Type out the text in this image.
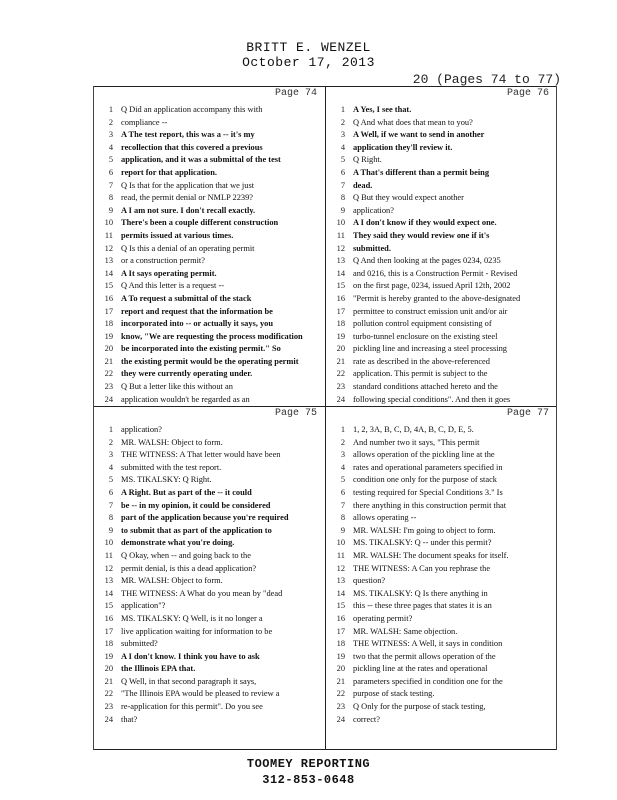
BRITT E. WENZEL
October 17, 2013
20 (Pages 74 to 77)
Page 74
1 Q Did an application accompany this with
2 compliance --
3 A The test report, this was a -- it's my
4 recollection that this covered a previous
5 application, and it was a submittal of the test
6 report for that application.
7 Q Is that for the application that we just
8 read, the permit denial or NMLP 2239?
9 A I am not sure. I don't recall exactly.
10 There's been a couple different construction
11 permits issued at various times.
12 Q Is this a denial of an operating permit
13 or a construction permit?
14 A It says operating permit.
15 Q And this letter is a request --
16 A To request a submittal of the stack
17 report and request that the information be
18 incorporated into -- or actually it says, you
19 know, "We are requesting the process modification
20 be incorporated into the existing permit." So
21 the existing permit would be the operating permit
22 they were currently operating under.
23 Q But a letter like this without an
24 application wouldn't be regarded as an
Page 76
1 A Yes, I see that.
2 Q And what does that mean to you?
3 A Well, if we want to send in another
4 application they'll review it.
5 Q Right.
6 A That's different than a permit being
7 dead.
8 Q But they would expect another
9 application?
10 A I don't know if they would expect one.
11 They said they would review one if it's
12 submitted.
13 Q And then looking at the pages 0234, 0235
14 and 0216, this is a Construction Permit - Revised
15 on the first page, 0234, issued April 12th, 2002
16 "Permit is hereby granted to the above-designated
17 permittee to construct emission unit and/or air
18 pollution control equipment consisting of
19 turbo-tunnel enclosure on the existing steel
20 pickling line and increasing a steel processing
21 rate as described in the above-referenced
22 application. This permit is subject to the
23 standard conditions attached hereto and the
24 following special conditions". And then it goes
Page 75
1 application?
2 MR. WALSH: Object to form.
3 THE WITNESS: A That letter would have been
4 submitted with the test report.
5 MS. TIKALSKY: Q Right.
6 A Right. But as part of the -- it could
7 be -- in my opinion, it could be considered
8 part of the application because you're required
9 to submit that as part of the application to
10 demonstrate what you're doing.
11 Q Okay, when -- and going back to the
12 permit denial, is this a dead application?
13 MR. WALSH: Object to form.
14 THE WITNESS: A What do you mean by "dead
15 application"?
16 MS. TIKALSKY: Q Well, is it no longer a
17 live application waiting for information to be
18 submitted?
19 A I don't know. I think you have to ask
20 the Illinois EPA that.
21 Q Well, in that second paragraph it says,
22 "The Illinois EPA would be pleased to review a
23 re-application for this permit". Do you see
24 that?
Page 77
1 1, 2, 3A, B, C, D, 4A, B, C, D, E, 5.
2 And number two it says, "This permit
3 allows operation of the pickling line at the
4 rates and operational parameters specified in
5 condition one only for the purpose of stack
6 testing required for Special Conditions 3." Is
7 there anything in this construction permit that
8 allows operating --
9 MR. WALSH: I'm going to object to form.
10 MS. TIKALSKY: Q -- under this permit?
11 MR. WALSH: The document speaks for itself.
12 THE WITNESS: A Can you rephrase the
13 question?
14 MS. TIKALSKY: Q Is there anything in
15 this -- these three pages that states it is an
16 operating permit?
17 MR. WALSH: Same objection.
18 THE WITNESS: A Well, it says in condition
19 two that the permit allows operation of the
20 pickling line at the rates and operational
21 parameters specified in condition one for the
22 purpose of stack testing.
23 Q Only for the purpose of stack testing,
24 correct?
TOOMEY REPORTING
312-853-0648
